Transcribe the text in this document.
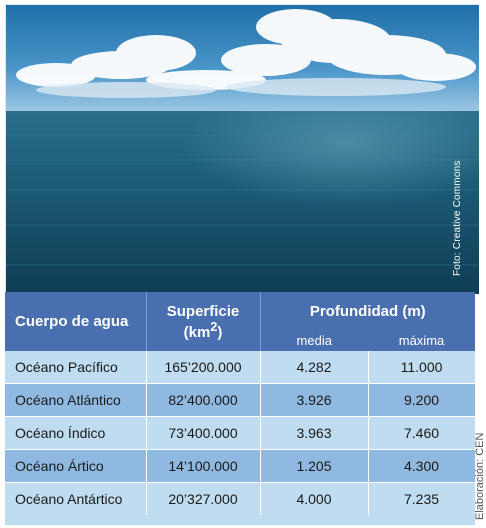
Foto: Creative Commons
Cuerpo de agua	Superficie $(km^2)$	Profundidad (m)	
		media	máxima
Océano Pacífico	165’200.000	4.282	11.000
Océano Atlántico	82’400.000	3.926	9.200
Océano Índico	73’400.000	3.963	7.460
Océano Ártico	14’100.000	1.205	4.300
Océano Antártico	20’327.000	4.000	7.235	Elaboración: CEN
